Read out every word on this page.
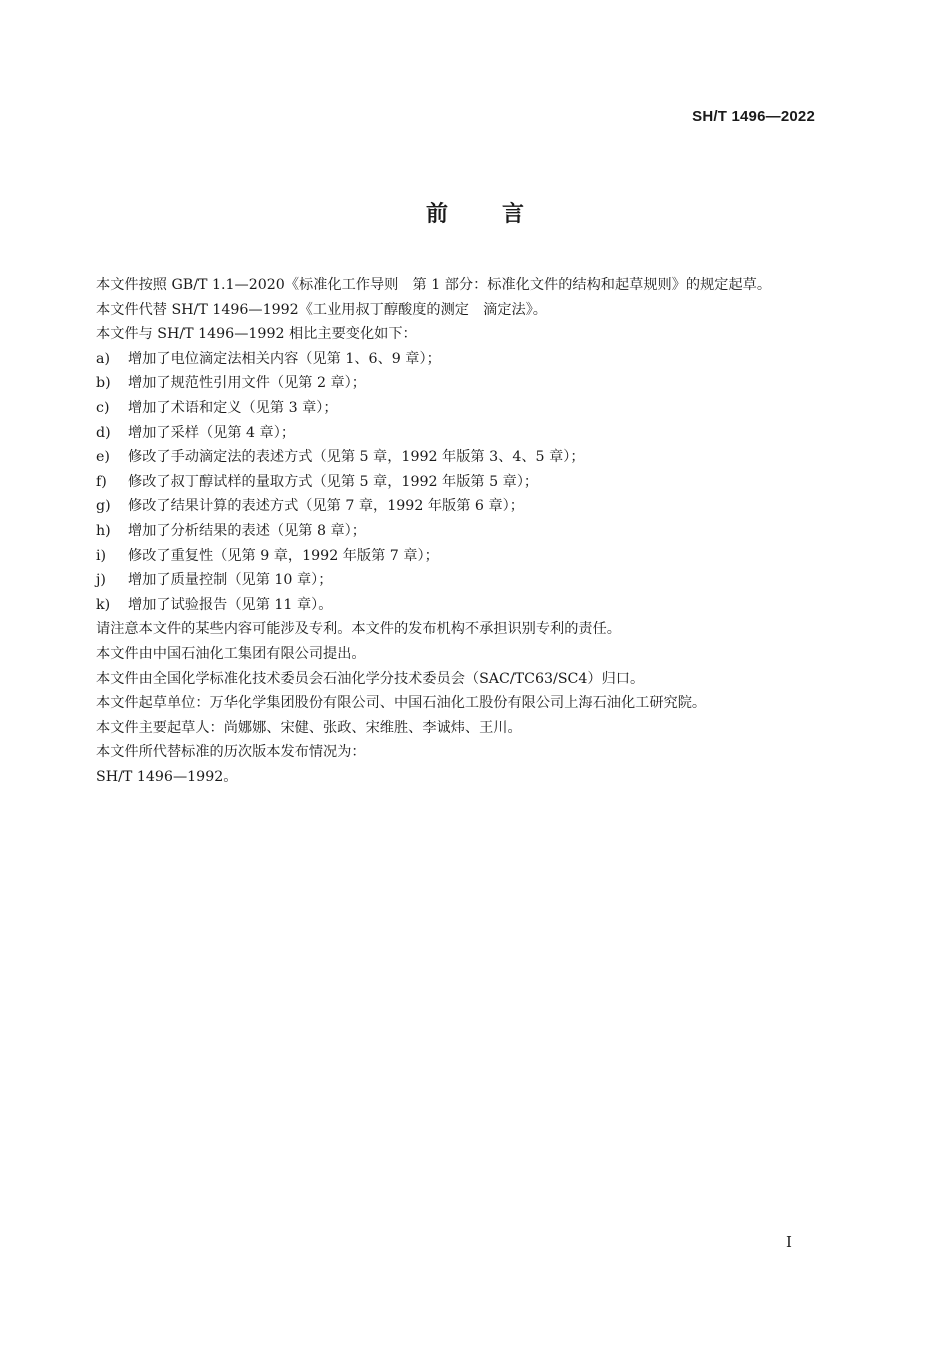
SH/T 1496—2022
前 言
本文件按照 GB/T 1.1—2020《标准化工作导则　第 1 部分：标准化文件的结构和起草规则》的规定起草。
本文件代替 SH/T 1496—1992《工业用叔丁醇酸度的测定　滴定法》。
本文件与 SH/T 1496—1992 相比主要变化如下：
a) 增加了电位滴定法相关内容（见第 1、6、9 章）；
b) 增加了规范性引用文件（见第 2 章）；
c) 增加了术语和定义（见第 3 章）；
d) 增加了采样（见第 4 章）；
e) 修改了手动滴定法的表述方式（见第 5 章，1992 年版第 3、4、5 章）；
f) 修改了叔丁醇试样的量取方式（见第 5 章，1992 年版第 5 章）；
g) 修改了结果计算的表述方式（见第 7 章，1992 年版第 6 章）；
h) 增加了分析结果的表述（见第 8 章）；
i) 修改了重复性（见第 9 章，1992 年版第 7 章）；
j) 增加了质量控制（见第 10 章）；
k) 增加了试验报告（见第 11 章）。
请注意本文件的某些内容可能涉及专利。本文件的发布机构不承担识别专利的责任。
本文件由中国石油化工集团有限公司提出。
本文件由全国化学标准化技术委员会石油化学分技术委员会（SAC/TC63/SC4）归口。
本文件起草单位：万华化学集团股份有限公司、中国石油化工股份有限公司上海石油化工研究院。
本文件主要起草人：尚娜娜、宋健、张政、宋维胜、李诚炜、王川。
本文件所代替标准的历次版本发布情况为：
SH/T 1496—1992。
I
